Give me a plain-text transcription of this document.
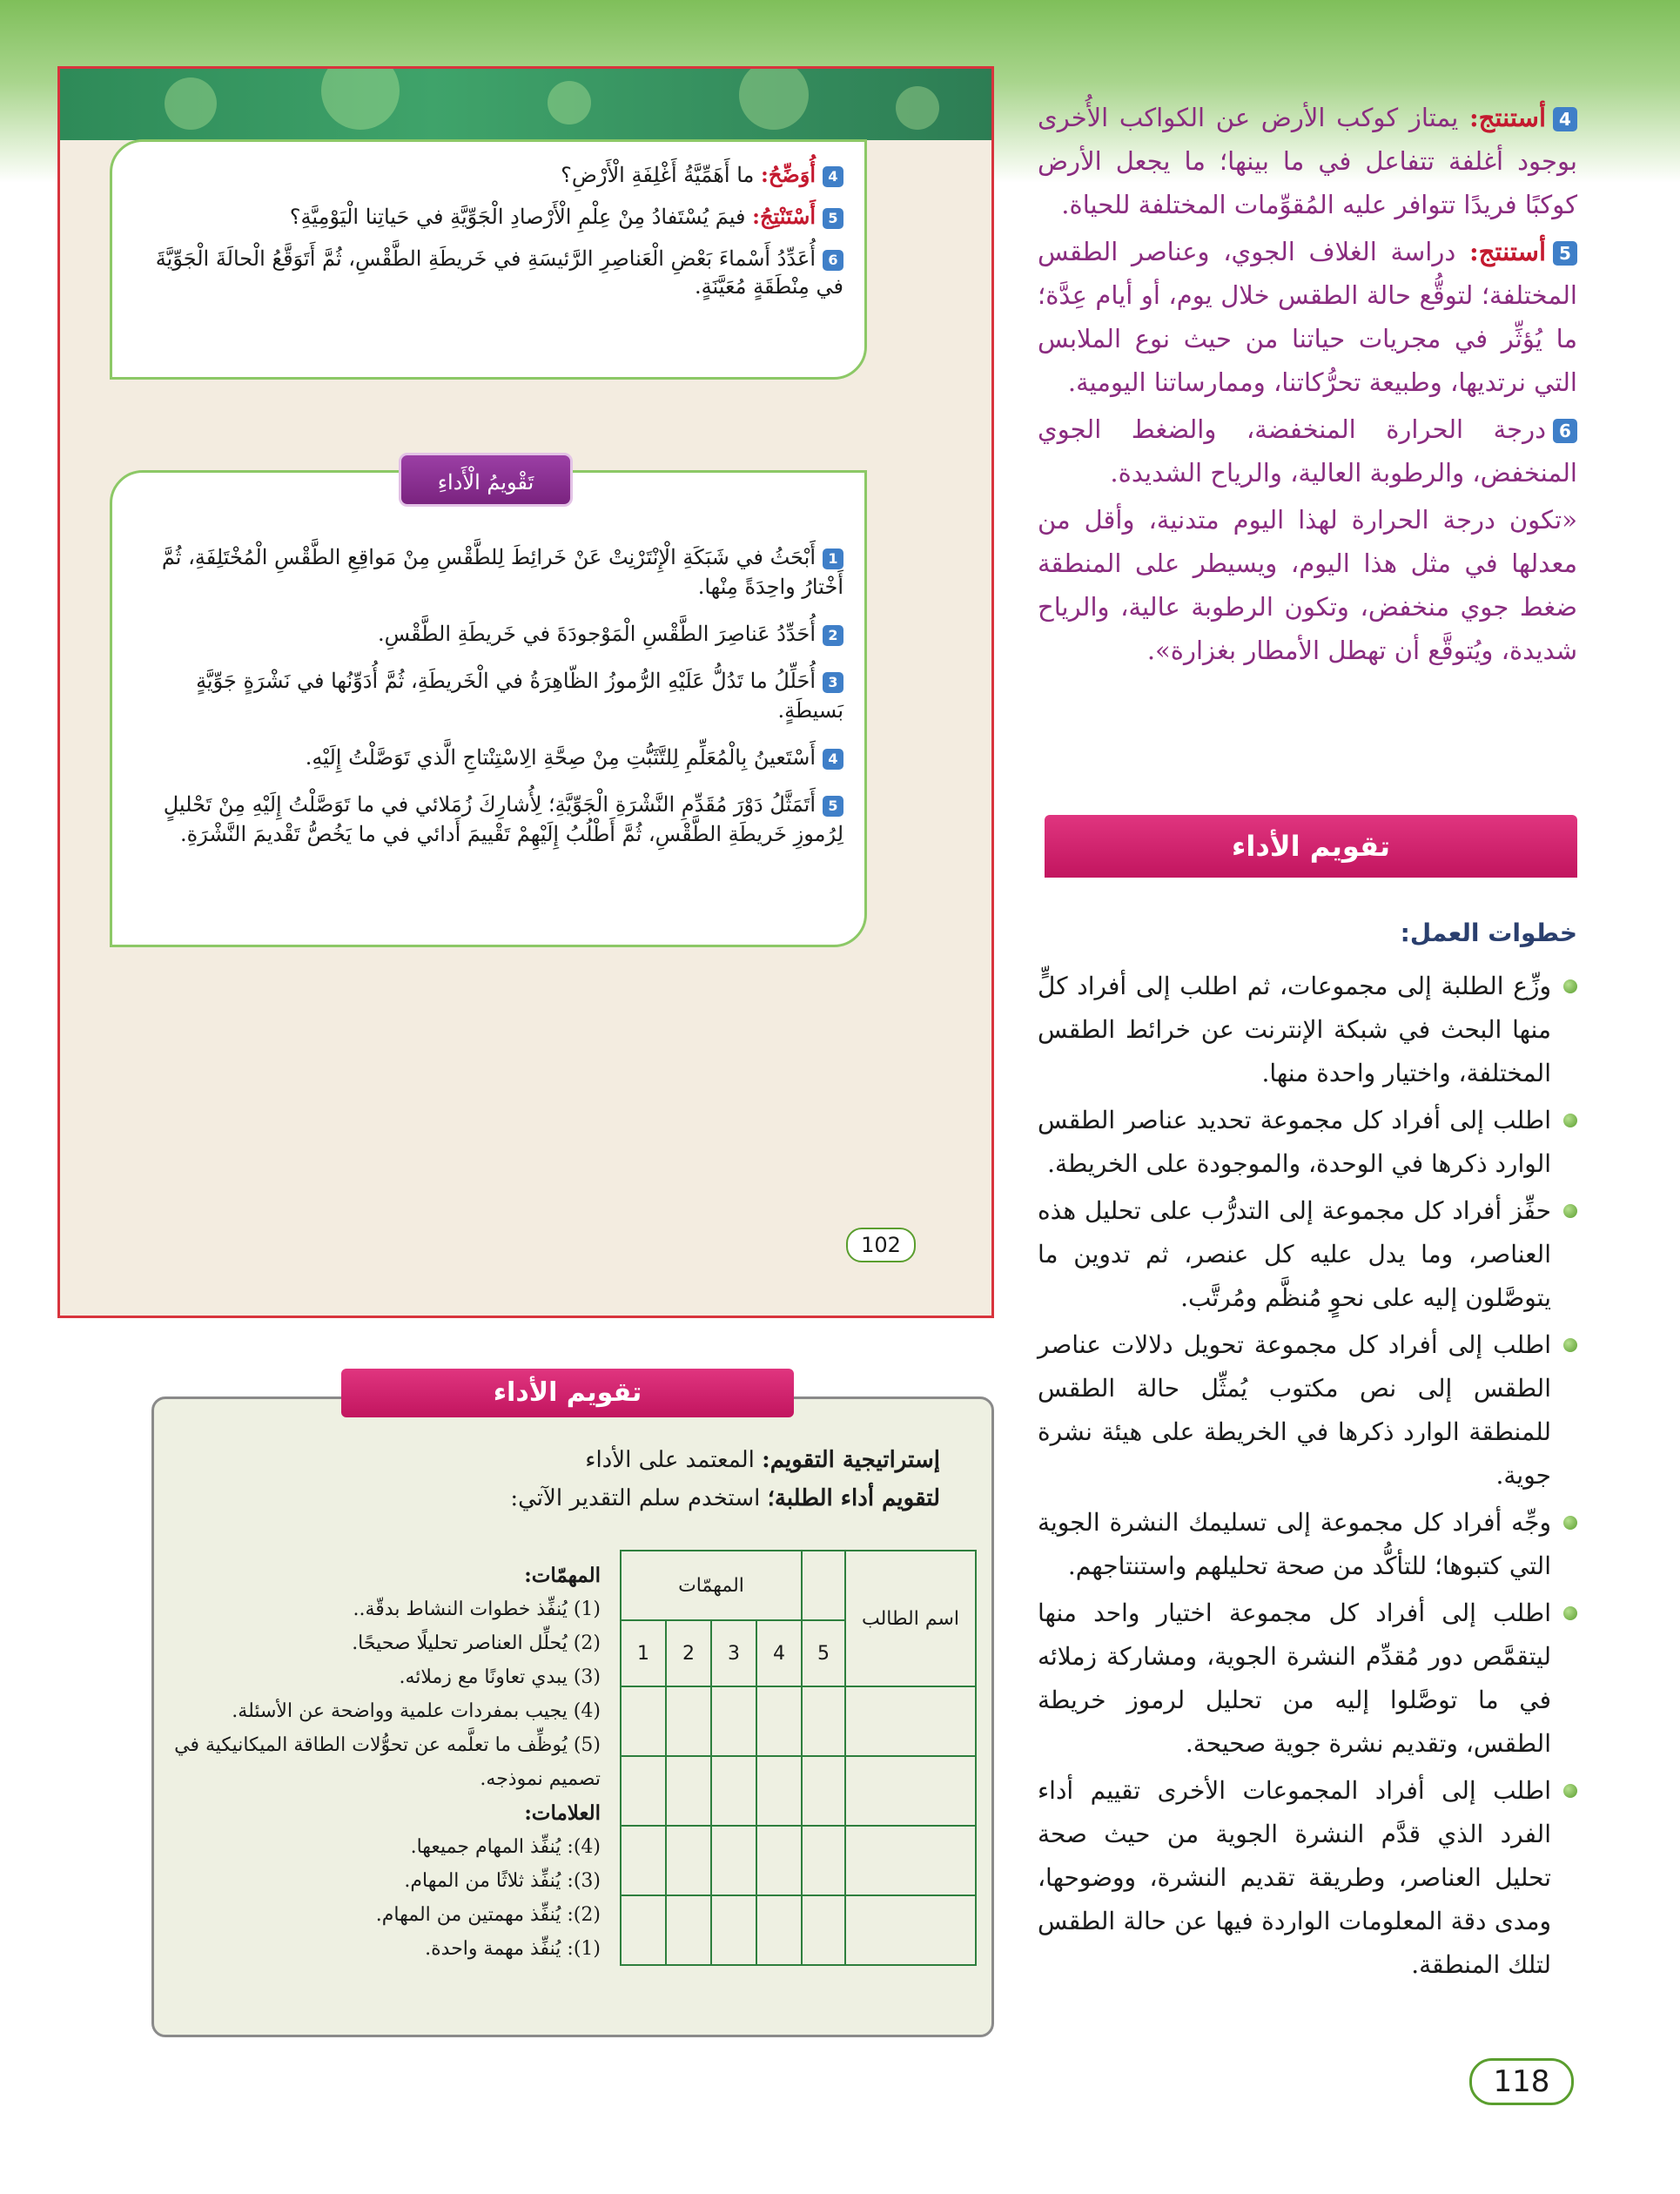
4أُوَضِّحُ: ما أَهَمِّيَّةُ أَغْلِفَةِ الْأَرْضِ؟

5أَسْتَنْتِجُ: فيمَ يُسْتَفادُ مِنْ عِلْمِ الْأَرْصادِ الْجَوِّيَّةِ في حَياتِنا الْيَوْمِيَّةِ؟

6أُعَدِّدُ أَسْماءَ بَعْضِ الْعَناصِرِ الرَّئيسَةِ في خَريطَةِ الطَّقْسِ، ثُمَّ أَتَوَقَّعُ الْحالَةَ الْجَوِّيَّةَ في مِنْطَقَةٍ مُعَيَّنَةٍ.

1أَبْحَثُ في شَبَكَةِ الْإِنْتَرْنِتْ عَنْ خَرائِطَ لِلطَّقْسِ مِنْ مَواقِعِ الطَّقْسِ الْمُخْتَلِفَةِ، ثُمَّ أَخْتارُ واحِدَةً مِنْها.

2أُحَدِّدُ عَناصِرَ الطَّقْسِ الْمَوْجودَةَ في خَريطَةِ الطَّقْسِ.

3أُحَلِّلُ ما تَدُلُّ عَلَيْهِ الرُّموزُ الظّاهِرَةُ في الْخَريطَةِ، ثُمَّ أُدَوِّنُها في نَشْرَةٍ جَوِّيَّةٍ بَسيطَةٍ.

4أَسْتَعينُ بِالْمُعَلِّمِ لِلتَّثَبُّتِ مِنْ صِحَّةِ الِاسْتِنْتاجِ الَّذي تَوَصَّلْتُ إِلَيْهِ.

5أَتَمَثَّلُ دَوْرَ مُقَدِّمِ النَّشْرَةِ الْجَوِّيَّةِ؛ لِأُشارِكَ زُمَلائي في ما تَوَصَّلْتُ إِلَيْهِ مِنْ تَحْليلٍ لِرُموزِ خَريطَةِ الطَّقْسِ، ثُمَّ أَطْلُبُ إِلَيْهِمْ تَقْييمَ أَدائي في ما يَخُصُّ تَقْديمَ النَّشْرَةِ.

تَقْويمُ الْأَداءِ
102

4أستنتج: يمتاز كوكب الأرض عن الكواكب الأُخرى بوجود أغلفة تتفاعل في ما بينها؛ ما يجعل الأرض كوكبًا فريدًا تتوافر عليه المُقوِّمات المختلفة للحياة.

5أستنتج: دراسة الغلاف الجوي، وعناصر الطقس المختلفة؛ لتوقُّع حالة الطقس خلال يوم، أو أيام عِدَّة؛ ما يُؤثِّر في مجريات حياتنا من حيث نوع الملابس التي نرتديها، وطبيعة تحرُّكاتنا، وممارساتنا اليومية.

6درجة الحرارة المنخفضة، والضغط الجوي المنخفض، والرطوبة العالية، والرياح الشديدة.

«تكون درجة الحرارة لهذا اليوم متدنية، وأقل من معدلها في مثل هذا اليوم، ويسيطر على المنطقة ضغط جوي منخفض، وتكون الرطوبة عالية، والرياح شديدة، ويُتوقَّع أن تهطل الأمطار بغزارة».

تقويم الأداء
خطوات العمل:
وزِّع الطلبة إلى مجموعات، ثم اطلب إلى أفراد كلٍّ منها البحث في شبكة الإنترنت عن خرائط الطقس المختلفة، واختيار واحدة منها.
اطلب إلى أفراد كل مجموعة تحديد عناصر الطقس الوارد ذكرها في الوحدة، والموجودة على الخريطة.
حفِّز أفراد كل مجموعة إلى التدرُّب على تحليل هذه العناصر، وما يدل عليه كل عنصر، ثم تدوين ما يتوصَّلون إليه على نحوٍ مُنظَّم ومُرتَّب.
اطلب إلى أفراد كل مجموعة تحويل دلالات عناصر الطقس إلى نص مكتوب يُمثِّل حالة الطقس للمنطقة الوارد ذكرها في الخريطة على هيئة نشرة جوية.
وجِّه أفراد كل مجموعة إلى تسليمك النشرة الجوية التي كتبوها؛ للتأكُّد من صحة تحليلهم واستنتاجهم.
اطلب إلى أفراد كل مجموعة اختيار واحد منها ليتقمَّص دور مُقدِّم النشرة الجوية، ومشاركة زملائه في ما توصَّلوا إليه من تحليل لرموز خريطة الطقس، وتقديم نشرة جوية صحيحة.
اطلب إلى أفراد المجموعات الأخرى تقييم أداء الفرد الذي قدَّم النشرة الجوية من حيث صحة تحليل العناصر، وطريقة تقديم النشرة، ووضوحها، ومدى دقة المعلومات الواردة فيها عن حالة الطقس لتلك المنطقة.
118
تقويم الأداء
إستراتيجية التقويم: المعتمد على الأداء
لتقويم أداء الطلبة؛ استخدم سلم التقدير الآتي:
المهمّات:
(1) يُنفِّذ خطوات النشاط بدقّة..
(2) يُحلِّل العناصر تحليلًا صحيحًا.
(3) يبدي تعاونًا مع زملائه.
(4) يجيب بمفردات علمية وواضحة عن الأسئلة.
(5) يُوظِّف ما تعلَّمه عن تحوُّلات الطاقة الميكانيكية في تصميم نموذجه.
العلامات:
(4): يُنفِّذ المهام جميعها.
(3): يُنفِّذ ثلاثًا من المهام.
(2): يُنفِّذ مهمتين من المهام.
(1): يُنفِّذ مهمة واحدة.
اسم الطالب		المهمّات			
	5	4	3	2	1
